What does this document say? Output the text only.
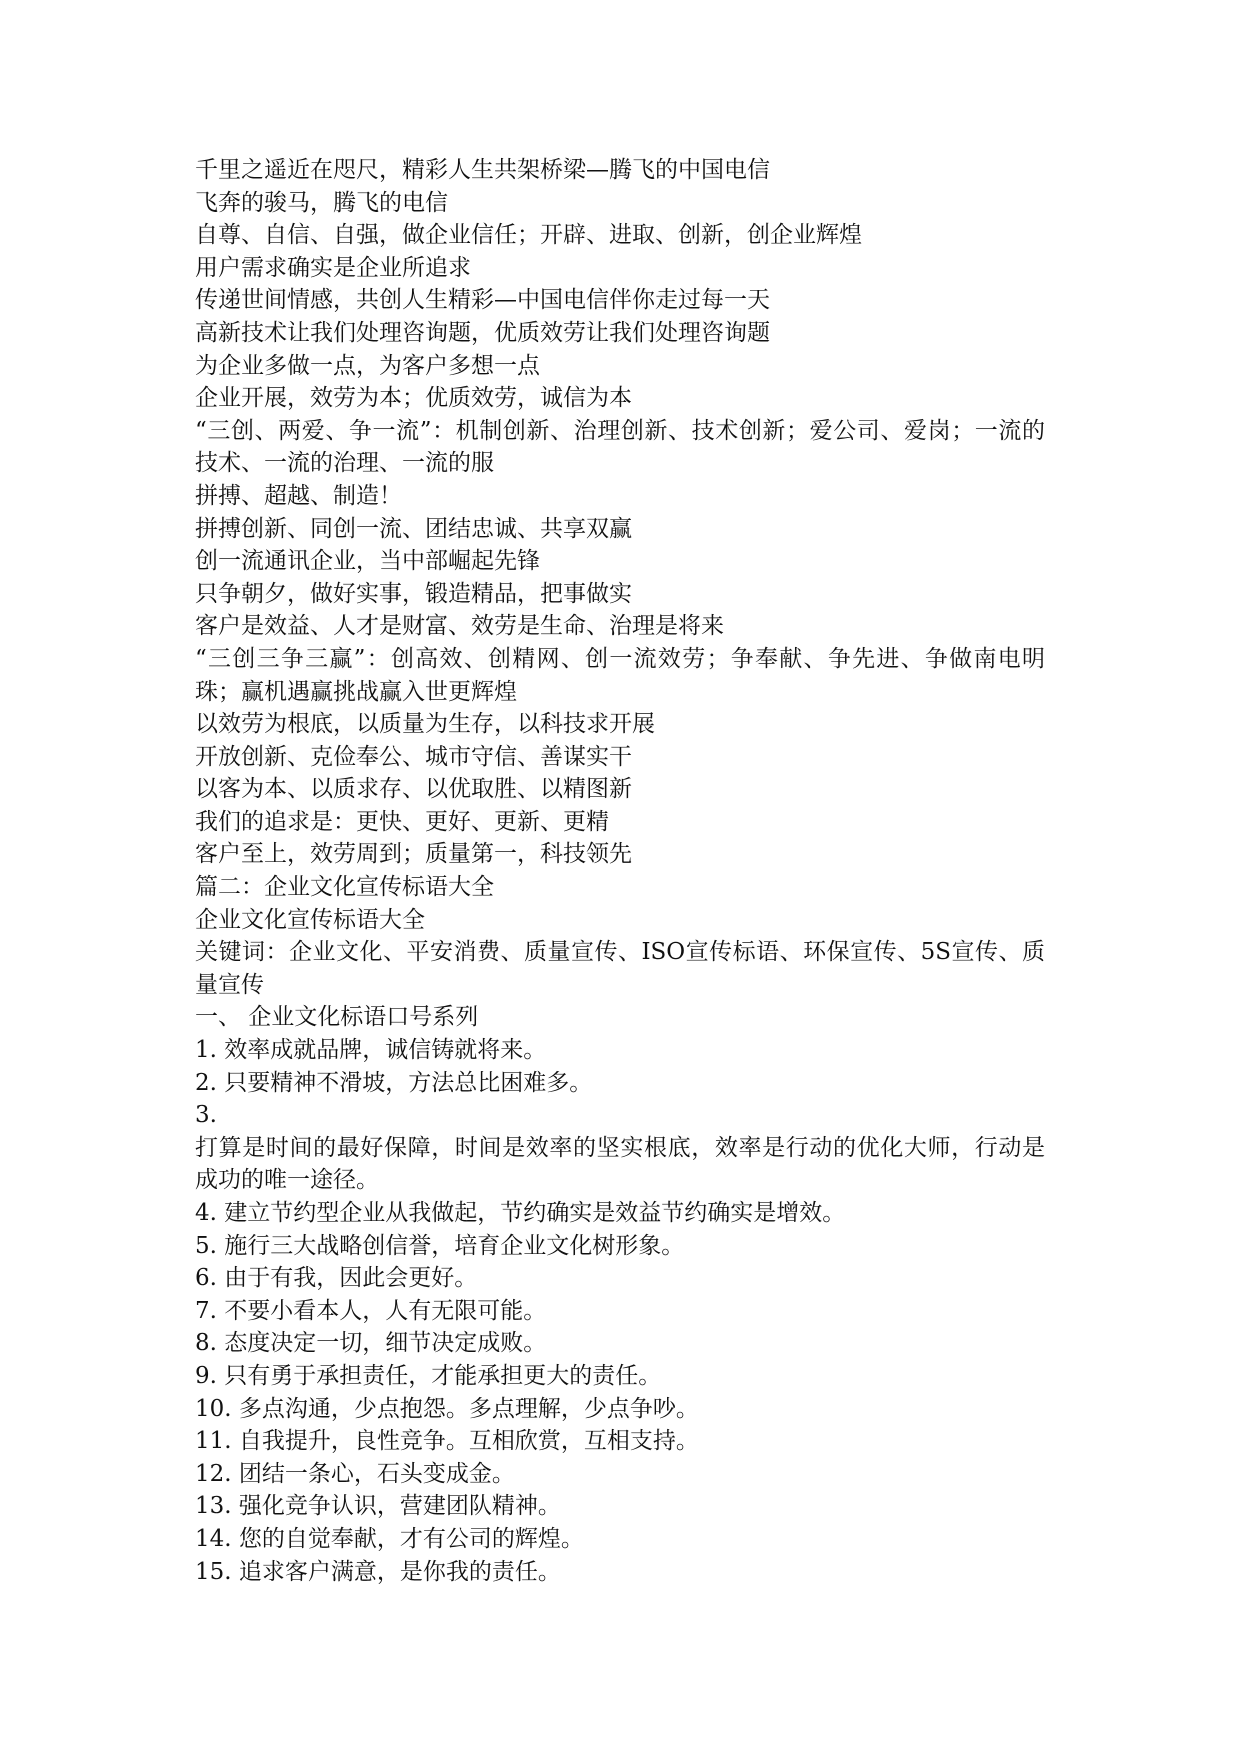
千里之遥近在咫尺，精彩人生共架桥梁—腾飞的中国电信
飞奔的骏马，腾飞的电信
自尊、自信、自强，做企业信任；开辟、进取、创新，创企业辉煌
用户需求确实是企业所追求
传递世间情感，共创人生精彩—中国电信伴你走过每一天
高新技术让我们处理咨询题，优质效劳让我们处理咨询题
为企业多做一点，为客户多想一点
企业开展，效劳为本；优质效劳，诚信为本
“三创、两爱、争一流”：机制创新、治理创新、技术创新；爱公司、爱岗；一流的技术、一流的治理、一流的服
拼搏、超越、制造！
拼搏创新、同创一流、团结忠诚、共享双赢
创一流通讯企业，当中部崛起先锋
只争朝夕，做好实事，锻造精品，把事做实
客户是效益、人才是财富、效劳是生命、治理是将来
“三创三争三赢”：创高效、创精网、创一流效劳；争奉献、争先进、争做南电明珠；赢机遇赢挑战赢入世更辉煌
以效劳为根底，以质量为生存，以科技求开展
开放创新、克俭奉公、城市守信、善谋实干
以客为本、以质求存、以优取胜、以精图新
我们的追求是：更快、更好、更新、更精
客户至上，效劳周到；质量第一，科技领先
篇二：企业文化宣传标语大全
企业文化宣传标语大全
关键词：企业文化、平安消费、质量宣传、ISO宣传标语、环保宣传、5S宣传、质量宣传
一、 企业文化标语口号系列
1. 效率成就品牌，诚信铸就将来。
2. 只要精神不滑坡，方法总比困难多。
3.
打算是时间的最好保障，时间是效率的坚实根底，效率是行动的优化大师，行动是成功的唯一途径。
4. 建立节约型企业从我做起，节约确实是效益节约确实是增效。
5. 施行三大战略创信誉，培育企业文化树形象。
6. 由于有我，因此会更好。
7. 不要小看本人，人有无限可能。
8. 态度决定一切，细节决定成败。
9. 只有勇于承担责任，才能承担更大的责任。
10. 多点沟通，少点抱怨。多点理解，少点争吵。
11. 自我提升，良性竞争。互相欣赏，互相支持。
12. 团结一条心，石头变成金。
13. 强化竞争认识，营建团队精神。
14. 您的自觉奉献，才有公司的辉煌。
15. 追求客户满意，是你我的责任。
